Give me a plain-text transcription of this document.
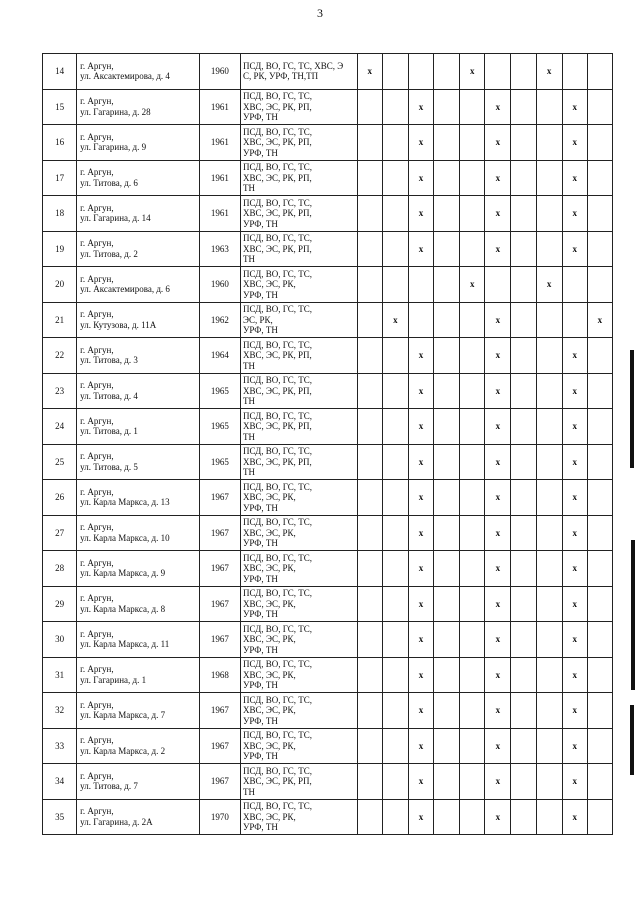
3
14	г. Аргун,
ул. Аксактемирова, д. 4	1960	ПСД, ВО, ГС, ТС, ХВС, Э
С, РК, УРФ, ТН,ТП	x				x			x		
15	г. Аргун,
ул. Гагарина, д. 28	1961	ПСД, ВО, ГС, ТС,
ХВС, ЭС, РК, РП,
УРФ, ТН			x			x			x	
16	г. Аргун,
ул. Гагарина, д. 9	1961	ПСД, ВО, ГС, ТС,
ХВС, ЭС, РК, РП,
УРФ, ТН			x			x			x	
17	г. Аргун,
ул. Титова, д. 6	1961	ПСД, ВО, ГС, ТС,
ХВС, ЭС, РК, РП,
ТН			x			x			x	
18	г. Аргун,
ул. Гагарина, д. 14	1961	ПСД, ВО, ГС, ТС,
ХВС, ЭС, РК, РП,
УРФ, ТН			x			x			x	
19	г. Аргун,
ул. Титова, д. 2	1963	ПСД, ВО, ГС, ТС,
ХВС, ЭС, РК, РП,
ТН			x			x			x	
20	г. Аргун,
ул. Аксактемирова, д. 6	1960	ПСД, ВО, ГС, ТС,
ХВС, ЭС, РК,
УРФ, ТН					x			x		
21	г. Аргун,
ул. Кутузова, д. 11А	1962	ПСД, ВО, ГС, ТС,
ЭС, РК,
УРФ, ТН		x				x				x
22	г. Аргун,
ул. Титова, д. 3	1964	ПСД, ВО, ГС, ТС,
ХВС, ЭС, РК, РП,
ТН			x			x			x	
23	г. Аргун,
ул. Титова, д. 4	1965	ПСД, ВО, ГС, ТС,
ХВС, ЭС, РК, РП,
ТН			x			x			x	
24	г. Аргун,
ул. Титова, д. 1	1965	ПСД, ВО, ГС, ТС,
ХВС, ЭС, РК, РП,
ТН			x			x			x	
25	г. Аргун,
ул. Титова, д. 5	1965	ПСД, ВО, ГС, ТС,
ХВС, ЭС, РК, РП,
ТН			x			x			x	
26	г. Аргун,
ул. Карла Маркса, д. 13	1967	ПСД, ВО, ГС, ТС,
ХВС, ЭС, РК,
УРФ, ТН			x			x			x	
27	г. Аргун,
ул. Карла Маркса, д. 10	1967	ПСД, ВО, ГС, ТС,
ХВС, ЭС, РК,
УРФ, ТН			x			x			x	
28	г. Аргун,
ул. Карла Маркса, д. 9	1967	ПСД, ВО, ГС, ТС,
ХВС, ЭС, РК,
УРФ, ТН			x			x			x	
29	г. Аргун,
ул. Карла Маркса, д. 8	1967	ПСД, ВО, ГС, ТС,
ХВС, ЭС, РК,
УРФ, ТН			x			x			x	
30	г. Аргун,
ул. Карла Маркса, д. 11	1967	ПСД, ВО, ГС, ТС,
ХВС, ЭС, РК,
УРФ, ТН			x			x			x	
31	г. Аргун,
ул. Гагарина, д. 1	1968	ПСД, ВО, ГС, ТС,
ХВС, ЭС, РК,
УРФ, ТН			x			x			x	
32	г. Аргун,
ул. Карла Маркса, д. 7	1967	ПСД, ВО, ГС, ТС,
ХВС, ЭС, РК,
УРФ, ТН			x			x			x	
33	г. Аргун,
ул. Карла Маркса, д. 2	1967	ПСД, ВО, ГС, ТС,
ХВС, ЭС, РК,
УРФ, ТН			x			x			x	
34	г. Аргун,
ул. Титова, д. 7	1967	ПСД, ВО, ГС, ТС,
ХВС, ЭС, РК, РП,
ТН			x			x			x	
35	г. Аргун,
ул. Гагарина, д. 2А	1970	ПСД, ВО, ГС, ТС,
ХВС, ЭС, РК,
УРФ, ТН			x			x			x	
